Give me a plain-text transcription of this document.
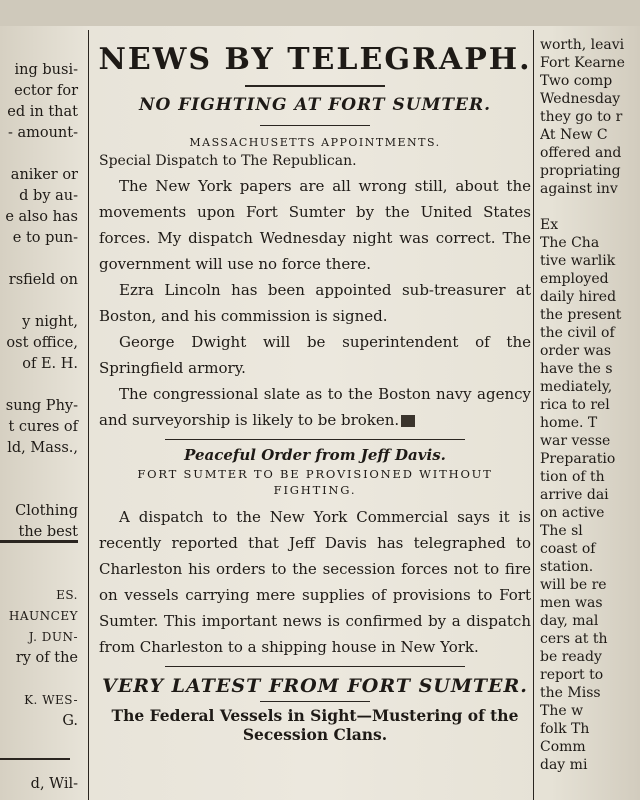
ing busi-
ector for
ed in that
- amount-

aniker or
d by au-
e also has
e to pun-

rsfield on

y night,
ost office,
of E. H.

sung Phy-
t cures of
ld, Mass.,

Clothing
the best

ES.
HAUNCEY
J. DUN-
ry of the

K. WES-
G.

d, Wil-
NEWS BY TELEGRAPH.
NO FIGHTING AT FORT SUMTER.
MASSACHUSETTS APPOINTMENTS.
Special Dispatch to The Republican.

The New York papers are all wrong still, about the movements upon Fort Sumter by the United States forces. My dispatch Wednesday night was correct. The government will use no force there.

Ezra Lincoln has been appointed sub-treasurer at Boston, and his commission is signed.

George Dwight will be superintendent of the Springfield armory.

The congressional slate as to the Boston navy agency and surveyorship is likely to be broken.

Peaceful Order from Jeff Davis.
FORT SUMTER TO BE PROVISIONED WITHOUT FIGHTING.

A dispatch to the New York Commercial says it is recently reported that Jeff Davis has telegraphed to Charleston his orders to the secession forces not to fire on vessels carrying mere supplies of provisions to Fort Sumter. This important news is confirmed by a dispatch from Charleston to a shipping house in New York.

VERY LATEST FROM FORT SUMTER.
The Federal Vessels in Sight—Mustering of the Secession Clans.
worth, leavi
Fort Kearne
Two comp
Wednesday
they go to r
At New C
offered and
propriating
against inv

Ex
The Cha
tive warlik
employed
daily hired
the present
the civil of
order was
have the s
mediately,
rica to rel
home. T
war vesse
Preparatio
tion of th
arrive dai
on active
The sl
coast of
station.
will be re
men was
day, mal
cers at th
be ready
report to
the Miss
The w
folk Th
Comm
day mi
